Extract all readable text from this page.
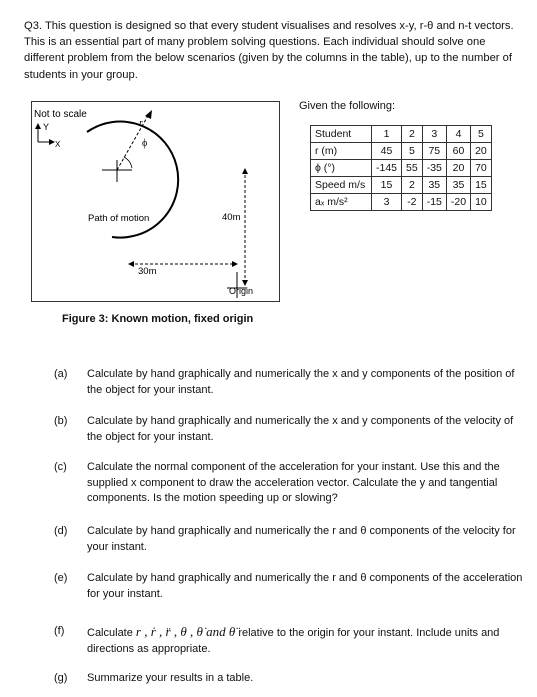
Q3. This question is designed so that every student visualises and resolves x-y, r-θ and n-t vectors. This is an essential part of many problem solving questions. Each individual should solve one different problem from the below scenarios (given by the columns in the table), up to the number of students in your group.
Not to scale
Y
X
r
ϕ
Path of motion	40m
30m
Origin
Figure 3: Known motion, fixed origin
Given the following:
Student	1	2	3	4	5
r (m)	45	5	75	60	20
ϕ (°)	-145	55	-35	20	70
Speed m/s	15	2	35	35	15
aₓ m/s²	3	-2	-15	-20	10
(a) Calculate by hand graphically and numerically the x and y components of the position of the object for your instant.
(b) Calculate by hand graphically and numerically the x and y components of the velocity of the object for your instant.
(c) Calculate the normal component of the acceleration for your instant. Use this and the supplied x component to draw the acceleration vector. Calculate the y and tangential components. Is the motion speeding up or slowing?
(d) Calculate by hand graphically and numerically the r and θ components of the velocity for your instant.
(e) Calculate by hand graphically and numerically the r and θ components of the acceleration for your instant.
(f) Calculate r , ṙ , r̈ , θ , θ̇ and θ̈ relative to the origin for your instant. Include units and directions as appropriate.
(g) Summarize your results in a table.
